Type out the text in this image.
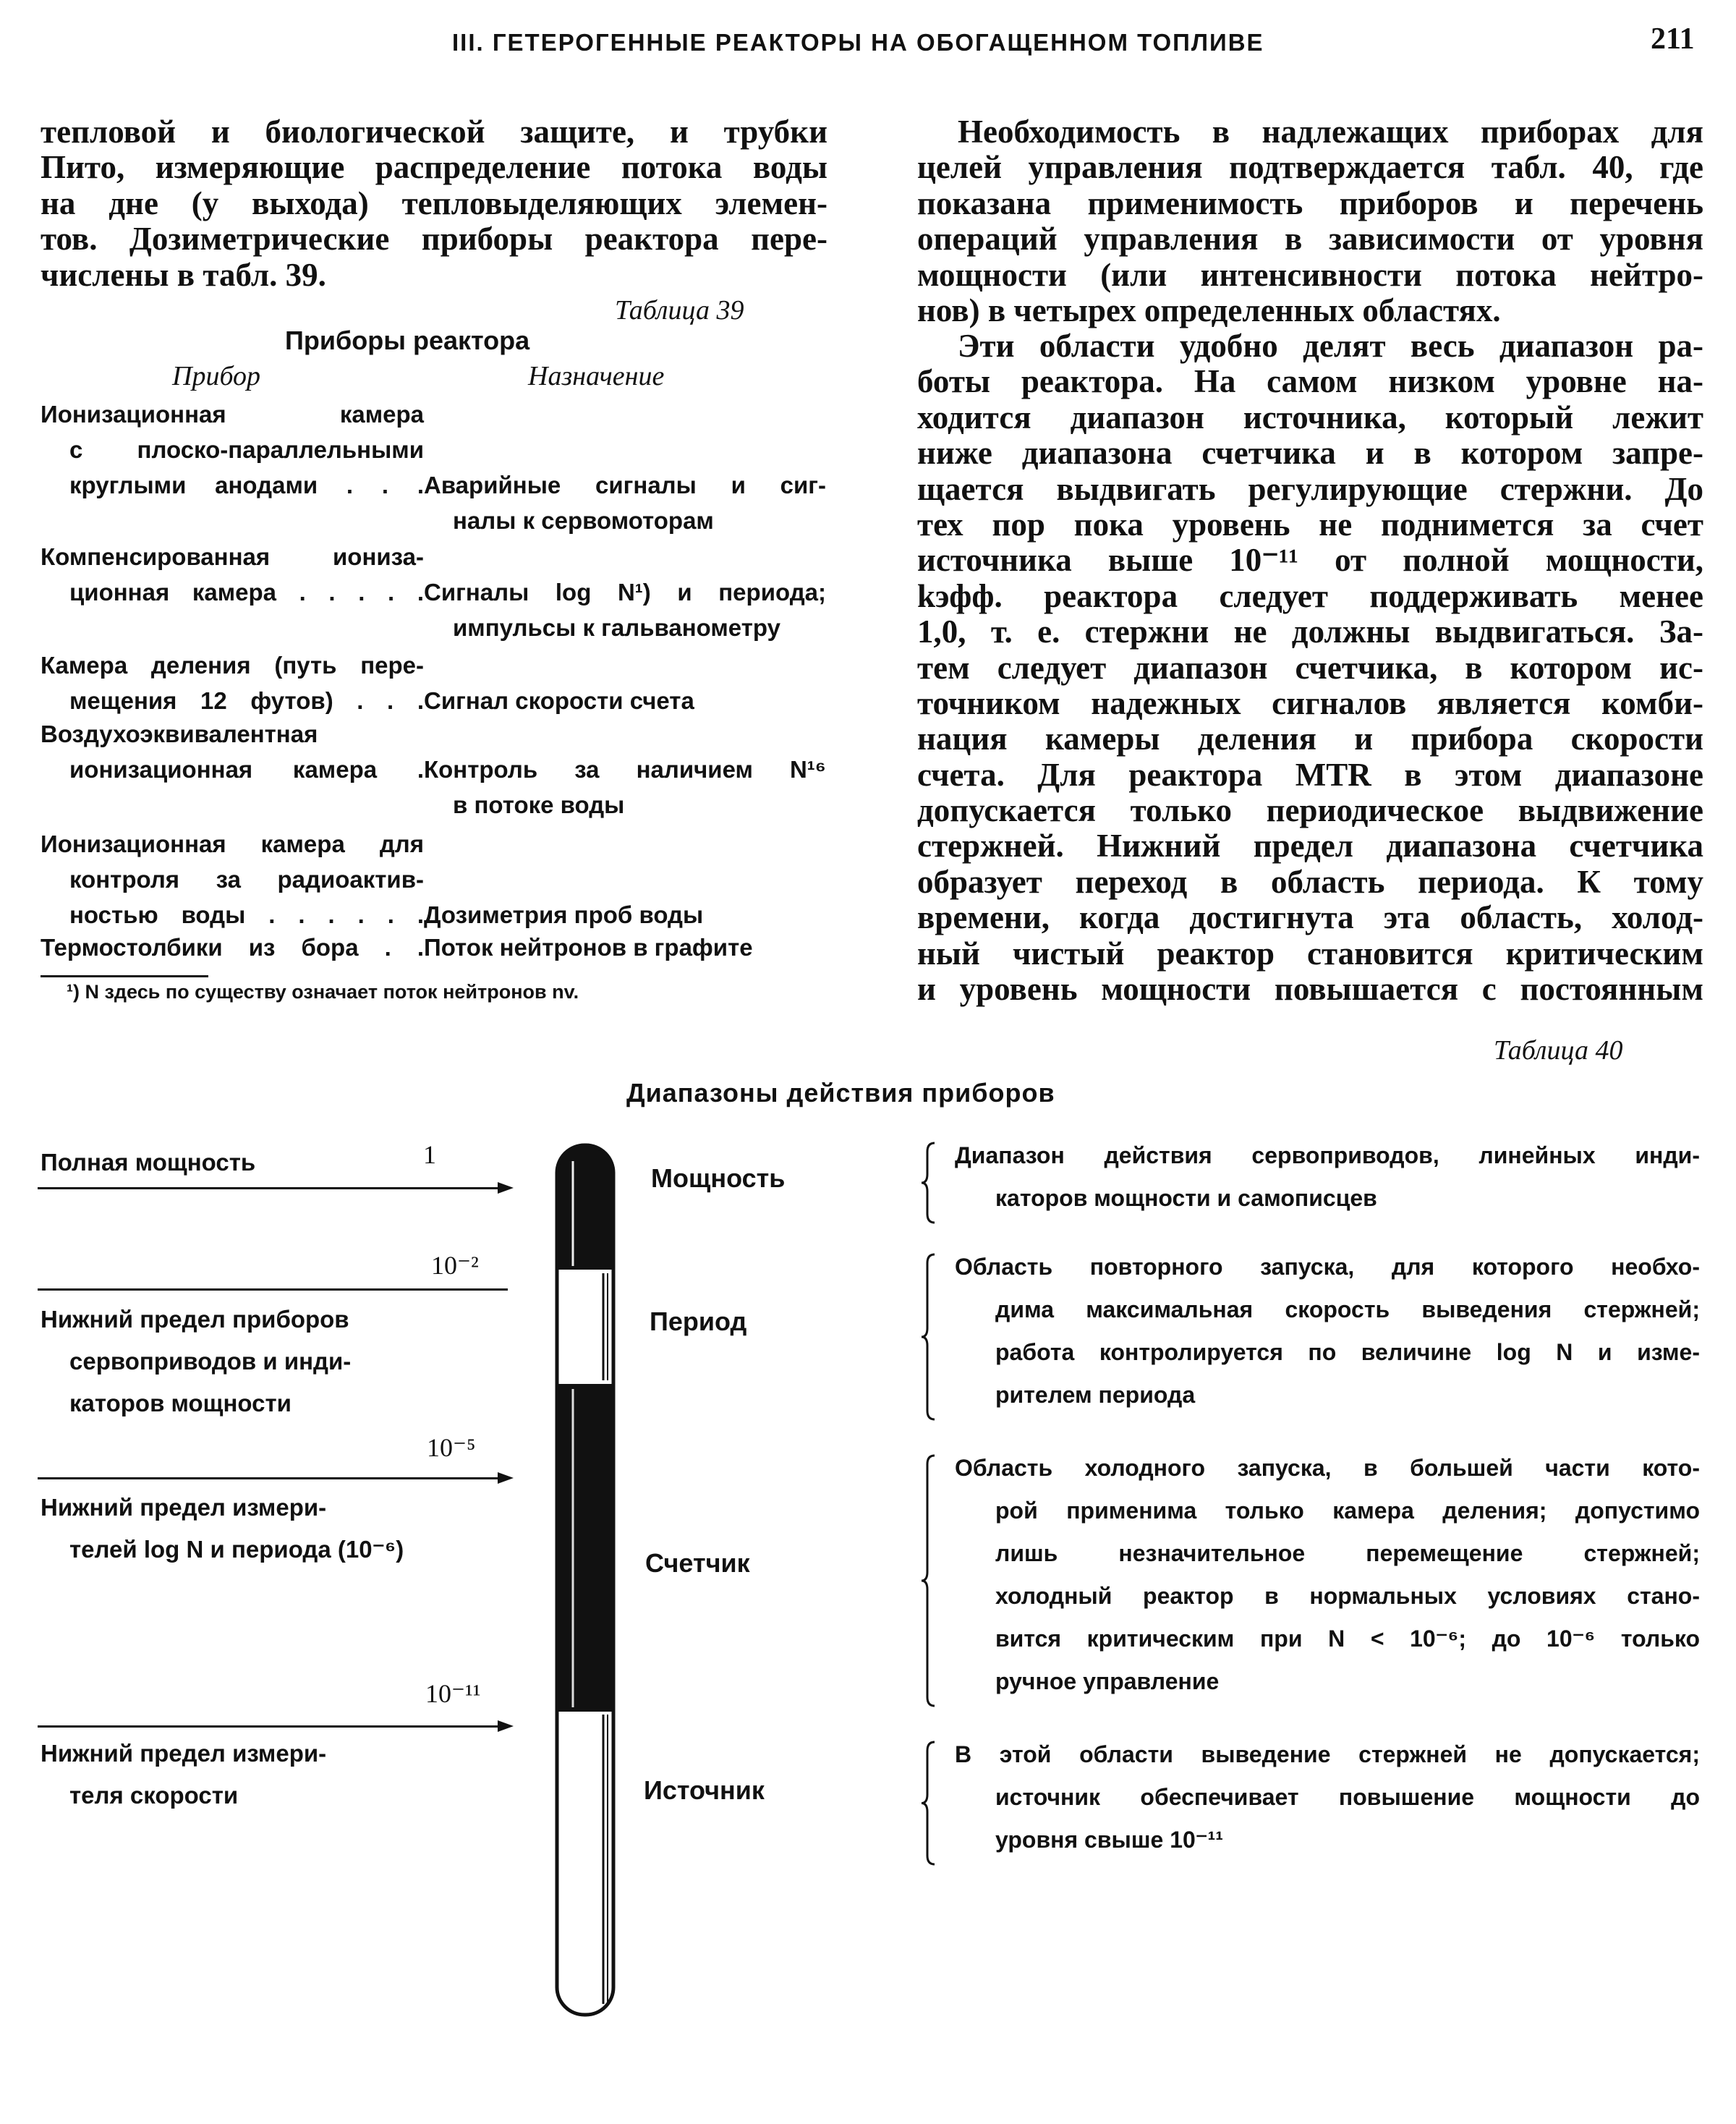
III. ГЕТЕРОГЕННЫЕ РЕАКТОРЫ НА ОБОГАЩЕННОМ ТОПЛИВЕ	211
тепловой и биологической защите, и трубки
Пито, измеряющие распределение потока воды
на дне (у выхода) тепловыделяющих элемен-
тов. Дозиметрические приборы реактора пере-
числены в табл. 39.
Необходимость в надлежащих приборах для
целей управления подтверждается табл. 40, где
показана применимость приборов и перечень
операций управления в зависимости от уровня
мощности (или интенсивности потока нейтро-
нов) в четырех определенных областях.
Эти области удобно делят весь диапазон ра-
боты реактора. На самом низком уровне на-
ходится диапазон источника, который лежит
ниже диапазона счетчика и в котором запре-
щается выдвигать регулирующие стержни. До
тех пор пока уровень не поднимется за счет
источника выше 10⁻¹¹ от полной мощности,
kэфф. реактора следует поддерживать менее
1,0, т. е. стержни не должны выдвигаться. За-
тем следует диапазон счетчика, в котором ис-
точником надежных сигналов является комби-
нация камеры деления и прибора скорости
счета. Для реактора MTR в этом диапазоне
допускается только периодическое выдвижение
стержней. Нижний предел диапазона счетчика
образует переход в область периода. К тому
времени, когда достигнута эта область, холод-
ный чистый реактор становится критическим
и уровень мощности повышается с постоянным
Таблица 39
Приборы реактора
Прибор	Назначение
Ионизационная камера
с плоско-параллельными
круглыми анодами . . . Аварийные сигналы и сиг-
налы к сервомоторам
Компенсированная иониза-
ционная камера . . . . . Сигналы log N¹) и периода;
импульсы к гальванометру
Камера деления (путь пере-
мещения 12 футов) . . . Сигнал скорости счета
Воздухоэквивалентная
ионизационная камера . Контроль за наличием N¹⁶
в потоке воды
Ионизационная камера для
контроля за радиоактив-
ностью воды . . . . . . Дозиметрия проб воды
Термостолбики из бора . . Поток нейтронов в графите
¹) N здесь по существу означает поток нейтронов nv.
Таблица 40
Диапазоны действия приборов
1
Полная мощность
10⁻²
Нижний предел приборов
сервоприводов и инди-
каторов мощности
10⁻⁵
Нижний предел измери-
телей log N и периода (10⁻⁶)
10⁻¹¹
Нижний предел измери-
теля скорости
Мощность
Диапазон действия сервоприводов, линейных инди-
каторов мощности и самописцев
Период
Область повторного запуска, для которого необхо-
дима максимальная скорость выведения стержней;
работа контролируется по величине log N и изме-
рителем периода
Счетчик
Область холодного запуска, в большей части кото-
рой применима только камера деления; допустимо
лишь незначительное перемещение стержней;
холодный реактор в нормальных условиях стано-
вится критическим при N < 10⁻⁶; до 10⁻⁶ только
ручное управление
Источник
В этой области выведение стержней не допускается;
источник обеспечивает повышение мощности до
уровня свыше 10⁻¹¹
